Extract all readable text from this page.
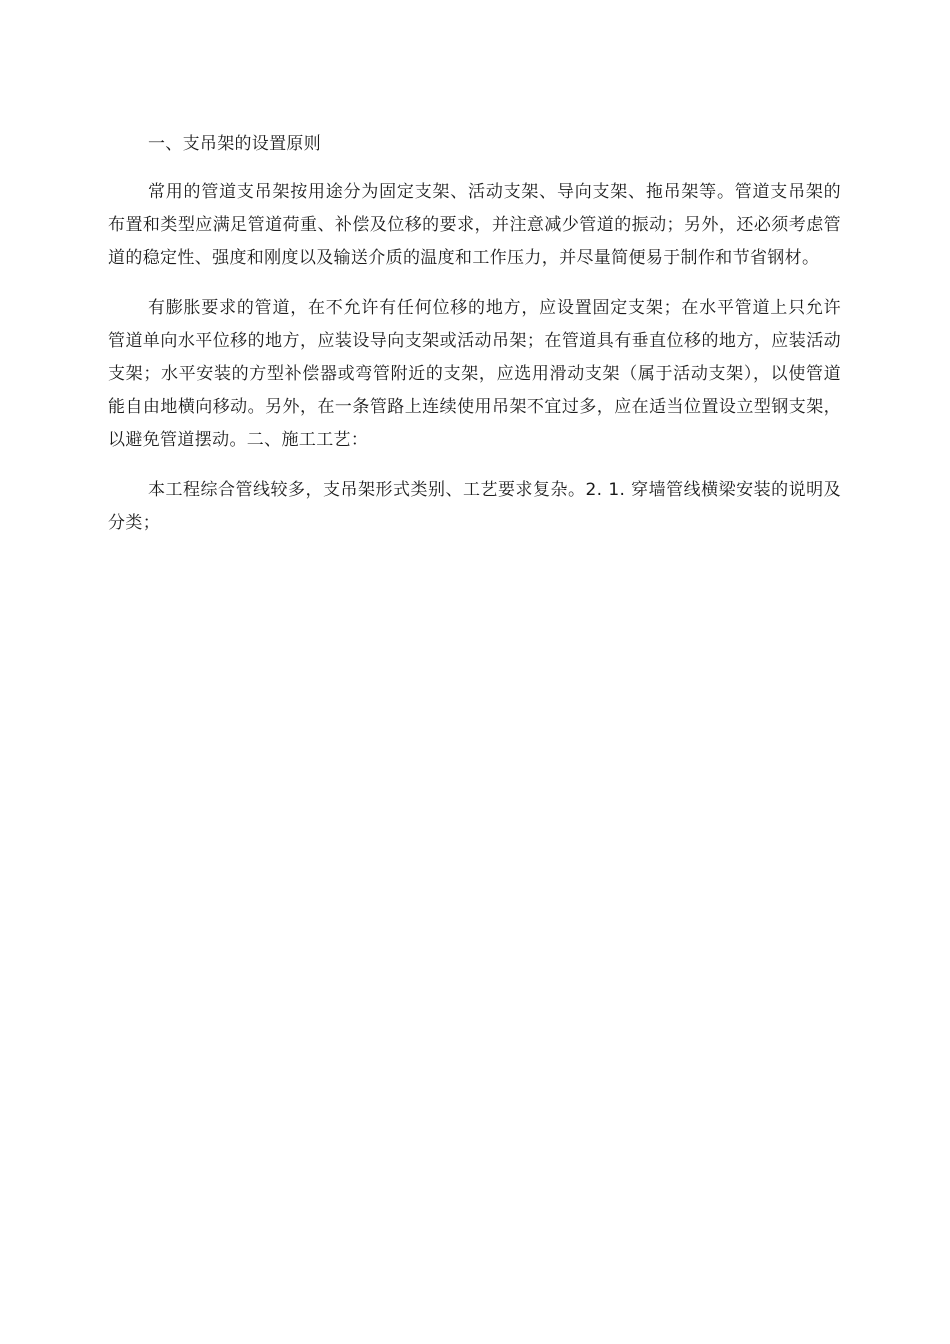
一、支吊架的设置原则

常用的管道支吊架按用途分为固定支架、活动支架、导向支架、拖吊架等。管道支吊架的布置和类型应满足管道荷重、补偿及位移的要求，并注意减少管道的振动；另外，还必须考虑管道的稳定性、强度和刚度以及输送介质的温度和工作压力，并尽量简便易于制作和节省钢材。

有膨胀要求的管道，在不允许有任何位移的地方，应设置固定支架；在水平管道上只允许管道单向水平位移的地方，应装设导向支架或活动吊架；在管道具有垂直位移的地方，应装活动支架；水平安装的方型补偿器或弯管附近的支架，应选用滑动支架（属于活动支架），以使管道能自由地横向移动。另外，在一条管路上连续使用吊架不宜过多，应在适当位置设立型钢支架，以避免管道摆动。二、施工工艺：

本工程综合管线较多，支吊架形式类别、工艺要求复杂。2. 1. 穿墙管线横梁安装的说明及分类；
